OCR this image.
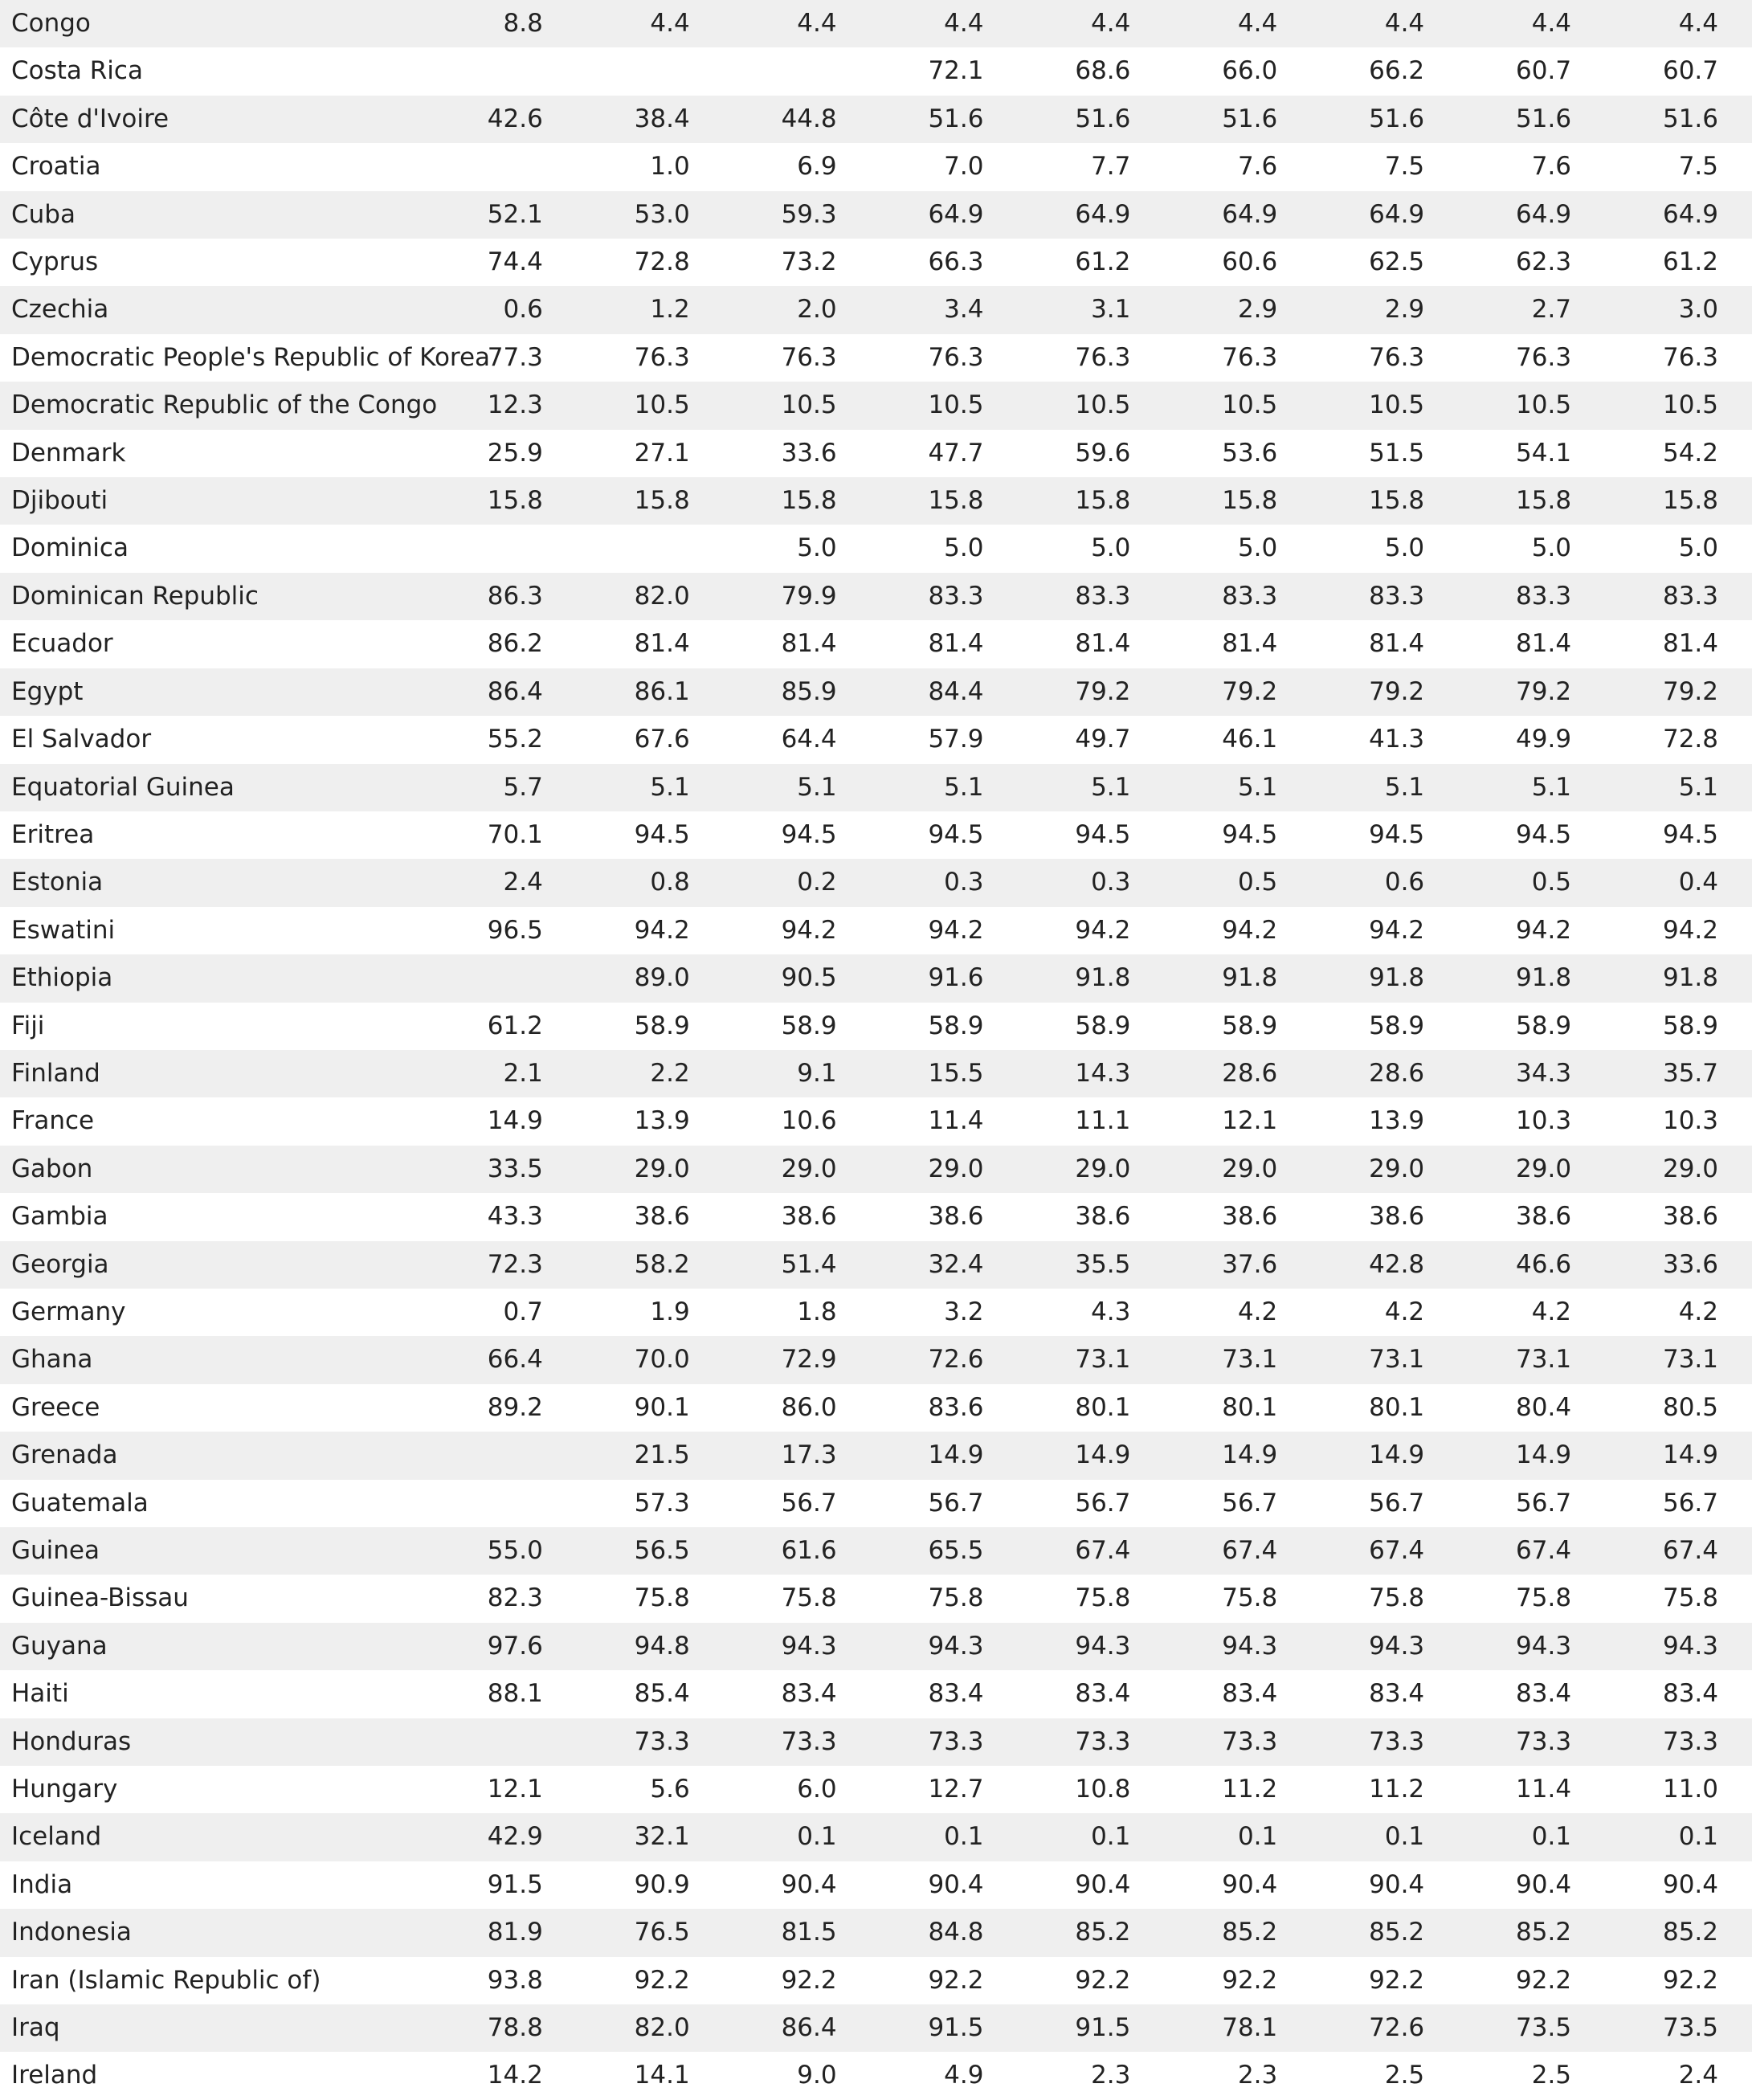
Congo	8.8	4.4	4.4	4.4	4.4	4.4	4.4	4.4	4.4
Costa Rica				72.1	68.6	66.0	66.2	60.7	60.7
Côte d'Ivoire	42.6	38.4	44.8	51.6	51.6	51.6	51.6	51.6	51.6
Croatia		1.0	6.9	7.0	7.7	7.6	7.5	7.6	7.5
Cuba	52.1	53.0	59.3	64.9	64.9	64.9	64.9	64.9	64.9
Cyprus	74.4	72.8	73.2	66.3	61.2	60.6	62.5	62.3	61.2
Czechia	0.6	1.2	2.0	3.4	3.1	2.9	2.9	2.7	3.0
Democratic People's Republic of Korea	77.3	76.3	76.3	76.3	76.3	76.3	76.3	76.3	76.3
Democratic Republic of the Congo	12.3	10.5	10.5	10.5	10.5	10.5	10.5	10.5	10.5
Denmark	25.9	27.1	33.6	47.7	59.6	53.6	51.5	54.1	54.2
Djibouti	15.8	15.8	15.8	15.8	15.8	15.8	15.8	15.8	15.8
Dominica			5.0	5.0	5.0	5.0	5.0	5.0	5.0
Dominican Republic	86.3	82.0	79.9	83.3	83.3	83.3	83.3	83.3	83.3
Ecuador	86.2	81.4	81.4	81.4	81.4	81.4	81.4	81.4	81.4
Egypt	86.4	86.1	85.9	84.4	79.2	79.2	79.2	79.2	79.2
El Salvador	55.2	67.6	64.4	57.9	49.7	46.1	41.3	49.9	72.8
Equatorial Guinea	5.7	5.1	5.1	5.1	5.1	5.1	5.1	5.1	5.1
Eritrea	70.1	94.5	94.5	94.5	94.5	94.5	94.5	94.5	94.5
Estonia	2.4	0.8	0.2	0.3	0.3	0.5	0.6	0.5	0.4
Eswatini	96.5	94.2	94.2	94.2	94.2	94.2	94.2	94.2	94.2
Ethiopia		89.0	90.5	91.6	91.8	91.8	91.8	91.8	91.8
Fiji	61.2	58.9	58.9	58.9	58.9	58.9	58.9	58.9	58.9
Finland	2.1	2.2	9.1	15.5	14.3	28.6	28.6	34.3	35.7
France	14.9	13.9	10.6	11.4	11.1	12.1	13.9	10.3	10.3
Gabon	33.5	29.0	29.0	29.0	29.0	29.0	29.0	29.0	29.0
Gambia	43.3	38.6	38.6	38.6	38.6	38.6	38.6	38.6	38.6
Georgia	72.3	58.2	51.4	32.4	35.5	37.6	42.8	46.6	33.6
Germany	0.7	1.9	1.8	3.2	4.3	4.2	4.2	4.2	4.2
Ghana	66.4	70.0	72.9	72.6	73.1	73.1	73.1	73.1	73.1
Greece	89.2	90.1	86.0	83.6	80.1	80.1	80.1	80.4	80.5
Grenada		21.5	17.3	14.9	14.9	14.9	14.9	14.9	14.9
Guatemala		57.3	56.7	56.7	56.7	56.7	56.7	56.7	56.7
Guinea	55.0	56.5	61.6	65.5	67.4	67.4	67.4	67.4	67.4
Guinea-Bissau	82.3	75.8	75.8	75.8	75.8	75.8	75.8	75.8	75.8
Guyana	97.6	94.8	94.3	94.3	94.3	94.3	94.3	94.3	94.3
Haiti	88.1	85.4	83.4	83.4	83.4	83.4	83.4	83.4	83.4
Honduras		73.3	73.3	73.3	73.3	73.3	73.3	73.3	73.3
Hungary	12.1	5.6	6.0	12.7	10.8	11.2	11.2	11.4	11.0
Iceland	42.9	32.1	0.1	0.1	0.1	0.1	0.1	0.1	0.1
India	91.5	90.9	90.4	90.4	90.4	90.4	90.4	90.4	90.4
Indonesia	81.9	76.5	81.5	84.8	85.2	85.2	85.2	85.2	85.2
Iran (Islamic Republic of)	93.8	92.2	92.2	92.2	92.2	92.2	92.2	92.2	92.2
Iraq	78.8	82.0	86.4	91.5	91.5	78.1	72.6	73.5	73.5
Ireland	14.2	14.1	9.0	4.9	2.3	2.3	2.5	2.5	2.4
